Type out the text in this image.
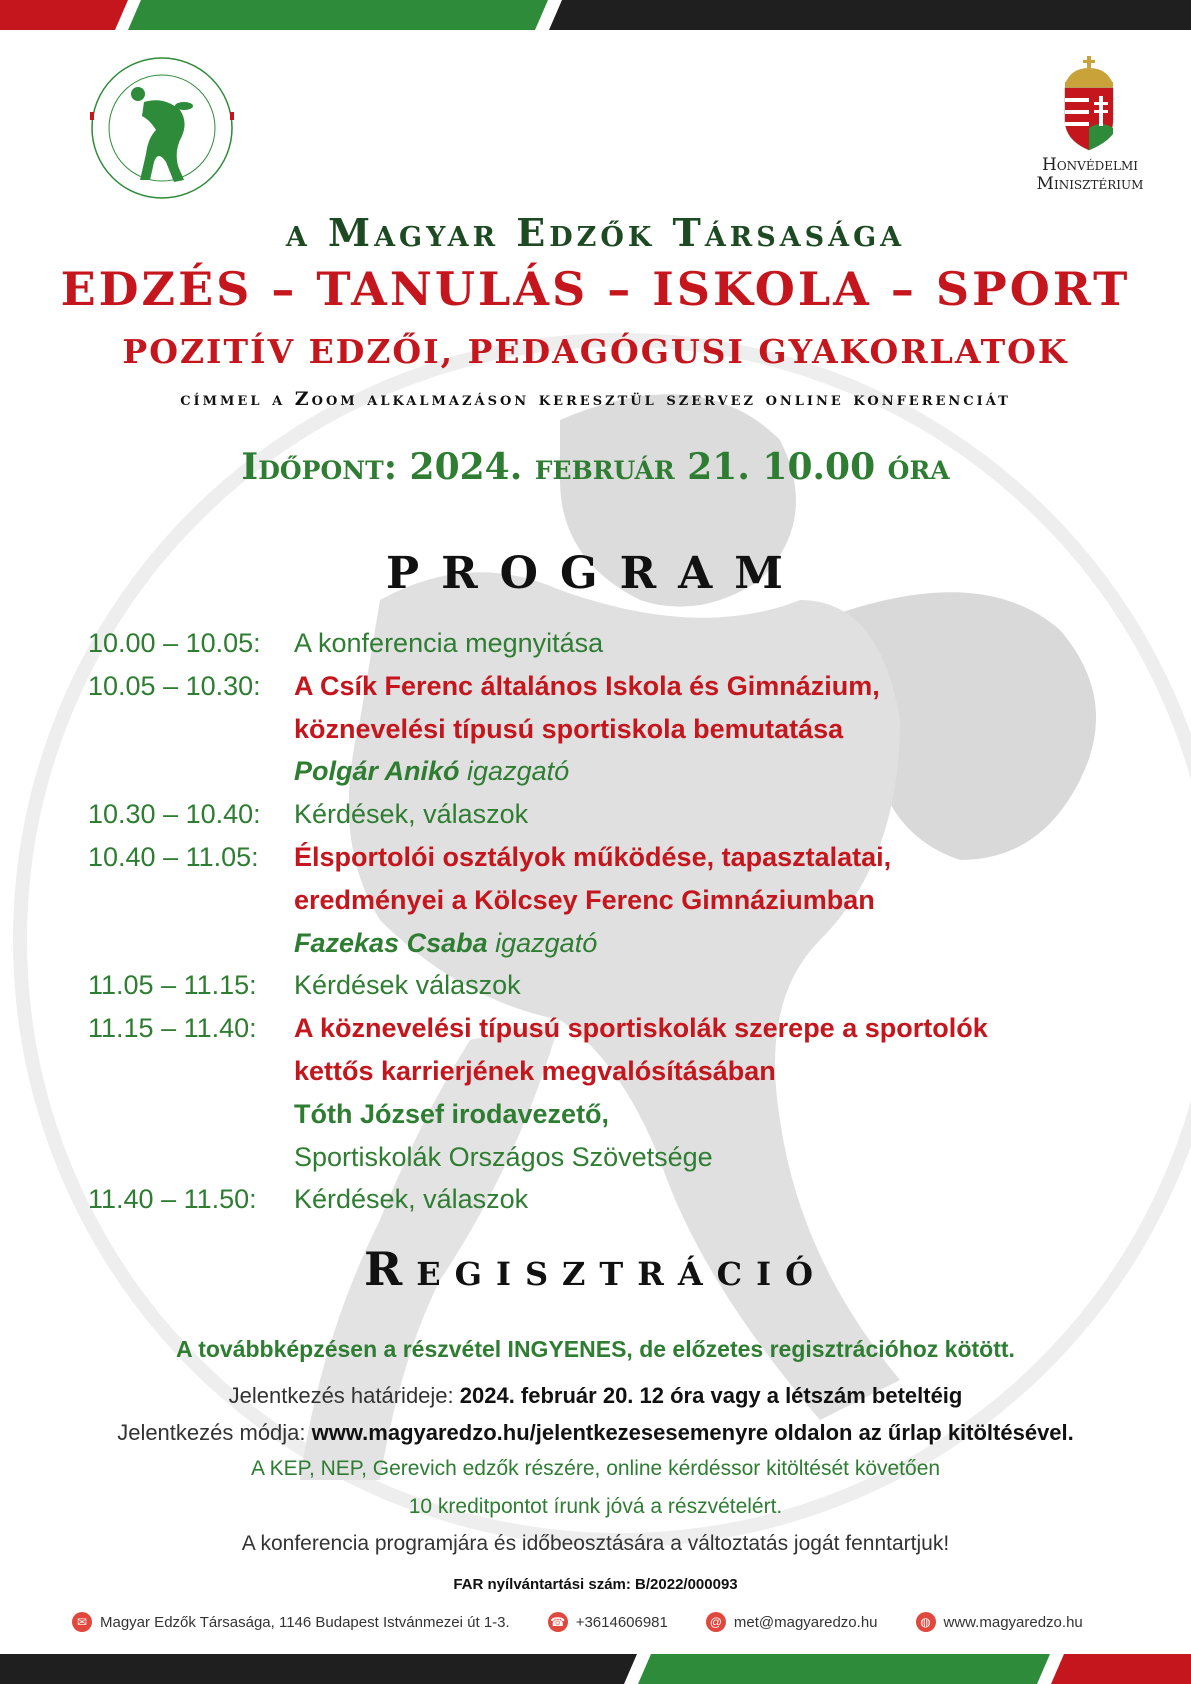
Honvédelmi
Minisztérium
a Magyar Edzők Társasága
EDZÉS – TANULÁS – ISKOLA – SPORT
POZITÍV EDZŐI, PEDAGÓGUSI GYAKORLATOK
címmel a Zoom alkalmazáson keresztül szervez online konferenciát
Időpont: 2024. február 21. 10.00 óra
PROGRAM
10.00 – 10.05:	A konferencia megnyitása
10.05 – 10.30:	A Csík Ferenc általános Iskola és Gimnázium,
köznevelési típusú sportiskola bemutatása
Polgár Anikó igazgató
10.30 – 10.40:	Kérdések, válaszok
10.40 – 11.05:	Élsportolói osztályok működése, tapasztalatai,
eredményei a Kölcsey Ferenc Gimnáziumban
Fazekas Csaba igazgató
11.05 – 11.15:	Kérdések válaszok
11.15 – 11.40:	A köznevelési típusú sportiskolák szerepe a sportolók
kettős karrierjének megvalósításában
Tóth József irodavezető,
Sportiskolák Országos Szövetsége
11.40 – 11.50:	Kérdések, válaszok
Regisztráció
A továbbképzésen a részvétel INGYENES, de előzetes regisztrációhoz kötött.
Jelentkezés határideje: 2024. február 20. 12 óra vagy a létszám beteltéig
Jelentkezés módja: www.magyaredzo.hu/jelentkezesesemenyre oldalon az űrlap kitöltésével.
A KEP, NEP, Gerevich edzők részére, online kérdéssor kitöltését követően
10 kreditpontot írunk jóvá a részvételért.
A konferencia programjára és időbeosztására a változtatás jogát fenntartjuk!
FAR nyílvántartási szám: B/2022/000093
✉ Magyar Edzők Társasága, 1146 Budapest Istvánmezei út 1-3.	☎ +3614606981	@ met@magyaredzo.hu	◍ www.magyaredzo.hu
